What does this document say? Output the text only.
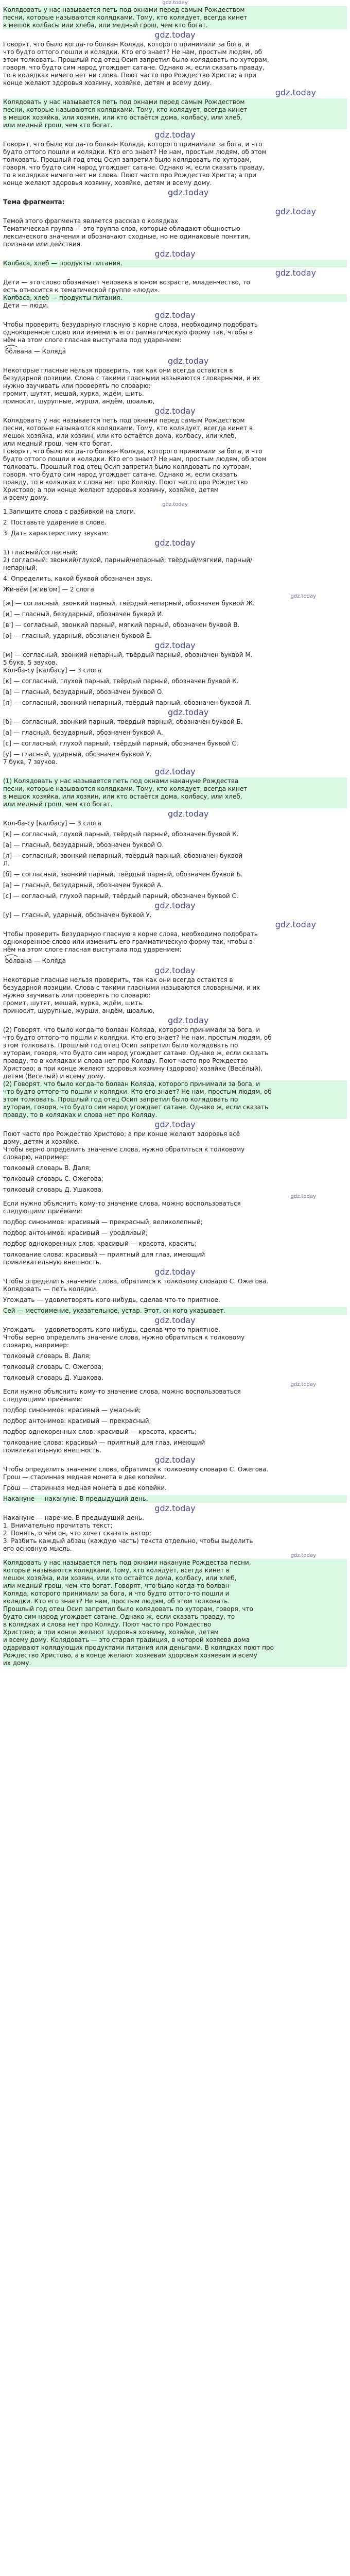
gdz.today

Колядовать у нас называется петь под окнами перед самым Рождеством

песни, которые называются колядками. Тому, кто колядует, всегда кинет

в мешок колбасы или хлеба, или медный грош, чем кто богат.

gdz.today

Говорят, что было когда-то болван Коляда, которого принимали за бога, и

что будто оттого пошли и колядки. Кто его знает? Не нам, простым людям, об

этом толковать. Прошлый год отец Осип запретил было колядовать по хуторам,

говоря, что будто сим народ угождает сатане. Однако ж, если сказать правду,

то в колядках ничего нет ни слова. Поют часто про Рождество Христа; а при

конце желают здоровья хозяину, хозяйке, детям и всему дому.

gdz.today

Колядовать у нас называется петь под окнами перед самым Рождеством

песни, которые называются колядками. Тому, кто колядует, всегда кинет

в мешок хозяйка, или хозяин, или кто остаётся дома, колбасу, или хлеб,

или медный грош, чем кто богат.

gdz.today

Говорят, что было когда-то болван Коляда, которого принимали за бога, и что

будто оттого пошли и колядки. Кто его знает? Не нам, простым людям, об этом

толковать. Прошлый год отец Осип запретил было колядовать по хуторам,

говоря, что будто сим народ угождает сатане. Однако ж, если сказать правду,

то в колядках ничего нет ни слова. Поют часто про Рождество Христа; а при

конце желают здоровья хозяину, хозяйке, детям и всему дому.

gdz.today

Тема фрагмента:

gdz.today

Темой этого фрагмента является рассказ о колядках

Тематическая группа — это группа слов, которые обладают общностью

лексического значения и обозначают сходные, но не одинаковые понятия,

признаки или действия.

gdz.today

Колбаса, хлеб — продукты питания.

gdz.today

Дети — это слово обозначает человека в юном возрасте, младенчество, то

есть относится к тематической группе «люди».

Колбаса, хлеб — продукты питания.

Дети — люди.

gdz.today

Чтобы проверить безударную гласную в корне слова, необходимо подобрать

однокоренное слово или изменить его грамматическую форму так, чтобы в

нём на этом слоге гласная выступала под ударением:

бо́лвана — Колядá
gdz.today

Некоторые гласные нельзя проверить, так как они всегда остаются в

безударной позиции. Слова с такими гласными называются словарными, и их

нужно заучивать или проверять по словарю:

громит, шутят, мешай, хурка, ждём, шить.

приносит, шурупные, журши, андём, шоалью,

gdz.today

Колядовать у нас называется петь под окнами перед самым Рождеством

песни, которые называются колядками. Тому, кто колядует, всегда кинет в

мешок хозяйка, или хозяин, или кто остаётся дома, колбасу, или хлеб,

или медный грош, чем кто богат.

Говорят, что было когда-то болван Коляда, которого принимали за бога, и что

будто оттого пошли и колядки. Кто его знает? Не нам, простым людям, об этом

толковать. Прошлый год отец Осип запретил было колядовать по хуторам,

говоря, что будто сим народ угождает сатане. Однако ж, если сказать

правду, то в колядках и слова нет про Коляду. Поют часто про Рождество

Христово; а при конце желают здоровья хозяину, хозяйке, детям

и всему дому.

gdz.today

1.Запишите слова с разбивкой на слоги.

2. Поставьте ударение в слове.

3. Дать характеристику звукам:

gdz.today

1) гласный/согласный;

2) согласный: звонкий/глухой, парный/непарный; твёрдый/мягкий, парный/

непарный;

4. Определить, какой буквой обозначен звук.

Жи-вём [ж'ив'ом] — 2 слога

gdz.today

[ж] — согласный, звонкий парный, твёрдый непарный, обозначен буквой Ж.

[и] — гласный, безударный, обозначен буквой И.

[в'] — согласный, звонкий парный, мягкий парный, обозначен буквой В.

[о] — гласный, ударный, обозначен буквой Ё.

gdz.today

[м] — согласный, звонкий непарный, твёрдый парный, обозначен буквой М.

5 букв, 5 звуков.

Кол-ба-су [калбасу] — 3 слога

[к] — согласный, глухой парный, твёрдый парный, обозначен буквой К.

[а] — гласный, безударный, обозначен буквой О.

[л] — согласный, звонкий непарный, твёрдый парный, обозначен буквой Л.

gdz.today

[б] — согласный, звонкий парный, твёрдый парный, обозначен буквой Б.

[а] — гласный, безударный, обозначен буквой А.

[с] — согласный, глухой парный, твёрдый парный, обозначен буквой С.

[у] — гласный, ударный, обозначен буквой У.

7 букв, 7 звуков.

gdz.today

(1) Колядовать у нас называется петь под окнами накануне Рождества

песни, которые называются колядками. Тому, кто колядует, всегда кинет

в мешок хозяйка, или хозяин, или кто остаётся дома, колбасу, или хлеб,

или медный грош, чем кто богат.

gdz.today

Кол-ба-су [калбасу] — 3 слога

[к] — согласный, глухой парный, твёрдый парный, обозначен буквой К.

[а] — гласный, безударный, обозначен буквой О.

[л] — согласный, звонкий непарный, твёрдый парный, обозначен буквой

Л.

[б] — согласный, звонкий парный, твёрдый парный, обозначен буквой Б.

[а] — гласный, безударный, обозначен буквой А.

[с] — согласный, глухой парный, твёрдый парный, обозначен буквой С.

gdz.today

[у] — гласный, ударный, обозначен буквой У.

gdz.today

Чтобы проверить безударную гласную в корне слова, необходимо подобрать

однокоренное слово или изменить его грамматическую форму так, чтобы в

нём на этом слоге гласная выступала под ударением:

бо́лвана — Коля́да
gdz.today

Некоторые гласные нельзя проверить, так как они всегда остаются в

безударной позиции. Слова с такими гласными называются словарными, и их

нужно заучивать или проверять по словарю:

громит, шутят, мешай, хурка, ждём, шить.

приносит, шурупные, журши, андём, шоалью,

gdz.today

(2) Говорят, что было когда-то болван Коляда, которого принимали за бога, и

что будто оттого-то пошли и колядки. Кто его знает? Не нам, простым людям, об

этом толковать. Прошлый год отец Осип запретил было колядовать по

хуторам, говоря, что будто сим народ угождает сатане. Однако ж, если сказать

правду, то в колядках и слова нет про Коляду. Поют часто про Рождество

Христово; а при конце желают здоровья хозяину (здорово) хозяйке (Весёлый),

детям (Веселый) и всему дому.

(2) Говорят, что было когда-то болван Коляда, которого принимали за бога, и

что будто оттого-то пошли и колядки. Кто его знает? Не нам, простым людям, об

этом толковать. Прошлый год отец Осип запретил было колядовать по

хуторам, говоря, что будто сим народ угождает сатане. Однако ж, если сказать

правду, то в колядках и слова нет про Коляду.

gdz.today

Поют часто про Рождество Христово; а при конце желают здоровья всё

дому, детям и хозяйке.

Чтобы верно определить значение слова, нужно обратиться к толковому

словарю, например:

толковый словарь В. Даля;

толковый словарь С. Ожегова;

толковый словарь Д. Ушакова.

gdz.today

Если нужно объяснить кому-то значение слова, можно воспользоваться

следующими приёмами:

подбор синонимов: красивый — прекрасный, великолепный;

подбор антонимов: красивый — уродливый;

подбор однокоренных слов: красивый — красота, красить;

толкование слова: красивый — приятный для глаз, имеющий

привлекательную внешность.

gdz.today

Чтобы определить значение слова, обратимся к толковому словарю С. Ожегова.

Колядовать — петь колядки.

Угождать — удовлетворять кого-нибудь, сделав что-то приятное.

Сей — местоимение, указательное, устар. Этот, он кого указывает.

gdz.today

Угождать — удовлетворять кого-нибудь, сделав что-то приятное.

Чтобы верно определить значение слова, нужно обратиться к толковому

словарю, например:

толковый словарь В. Даля;

толковый словарь С. Ожегова;

толковый словарь Д. Ушакова.

gdz.today

Если нужно объяснить кому-то значение слова, можно воспользоваться

следующими приёмами:

подбор синонимов: красивый — ужасный;

подбор антонимов: красивый — прекрасный;

подбор однокоренных слов: красивый — красота, красить;

толкование слова: красивый — приятный для глаз, имеющий

привлекательную внешность.

gdz.today

Чтобы определить значение слова, обратимся к толковому словарю С. Ожегова.

Грош — старинная медная монета в две копейки.

Грош — старинная медная монета в две копейки.

Накануне — накануне. В предыдущий день.

gdz.today

Накануне — наречие. В предыдущий день.

1. Внимательно прочитать текст;

2. Понять, о чём он, что хочет сказать автор;

3. Разбить каждый абзац (каждую часть) текста отдельно, чтобы выделить

его основную мысль.

gdz.today

Колядовать у нас называется петь под окнами накануне Рождества песни,

которые называются колядками. Тому, кто колядует, всегда кинет в

мешок хозяйка, или хозяин, или кто остаётся дома, колбасу, или хлеб,

или медный грош, чем кто богат. Говорят, что было когда-то болван

Коляда, которого принимали за бога, и что будто оттого-то пошли и

колядки. Кто его знает? Не нам, простым людям, об этом толковать.

Прошлый год отец Осип запретил было колядовать по хуторам, говоря, что

будто сим народ угождает сатане. Однако ж, если сказать правду, то

в колядках и слова нет про Коляду. Поют часто про Рождество

Христово; а при конце желают здоровья хозяину, хозяйке, детям

и всему дому. Колядовать — это старая традиция, в которой хозяева дома

одаривают колядующих продуктами питания или деньгами. В колядках поют про

Рождество Христово, а в конце желают хозяевам здоровья хозяевам и всему

их дому.
